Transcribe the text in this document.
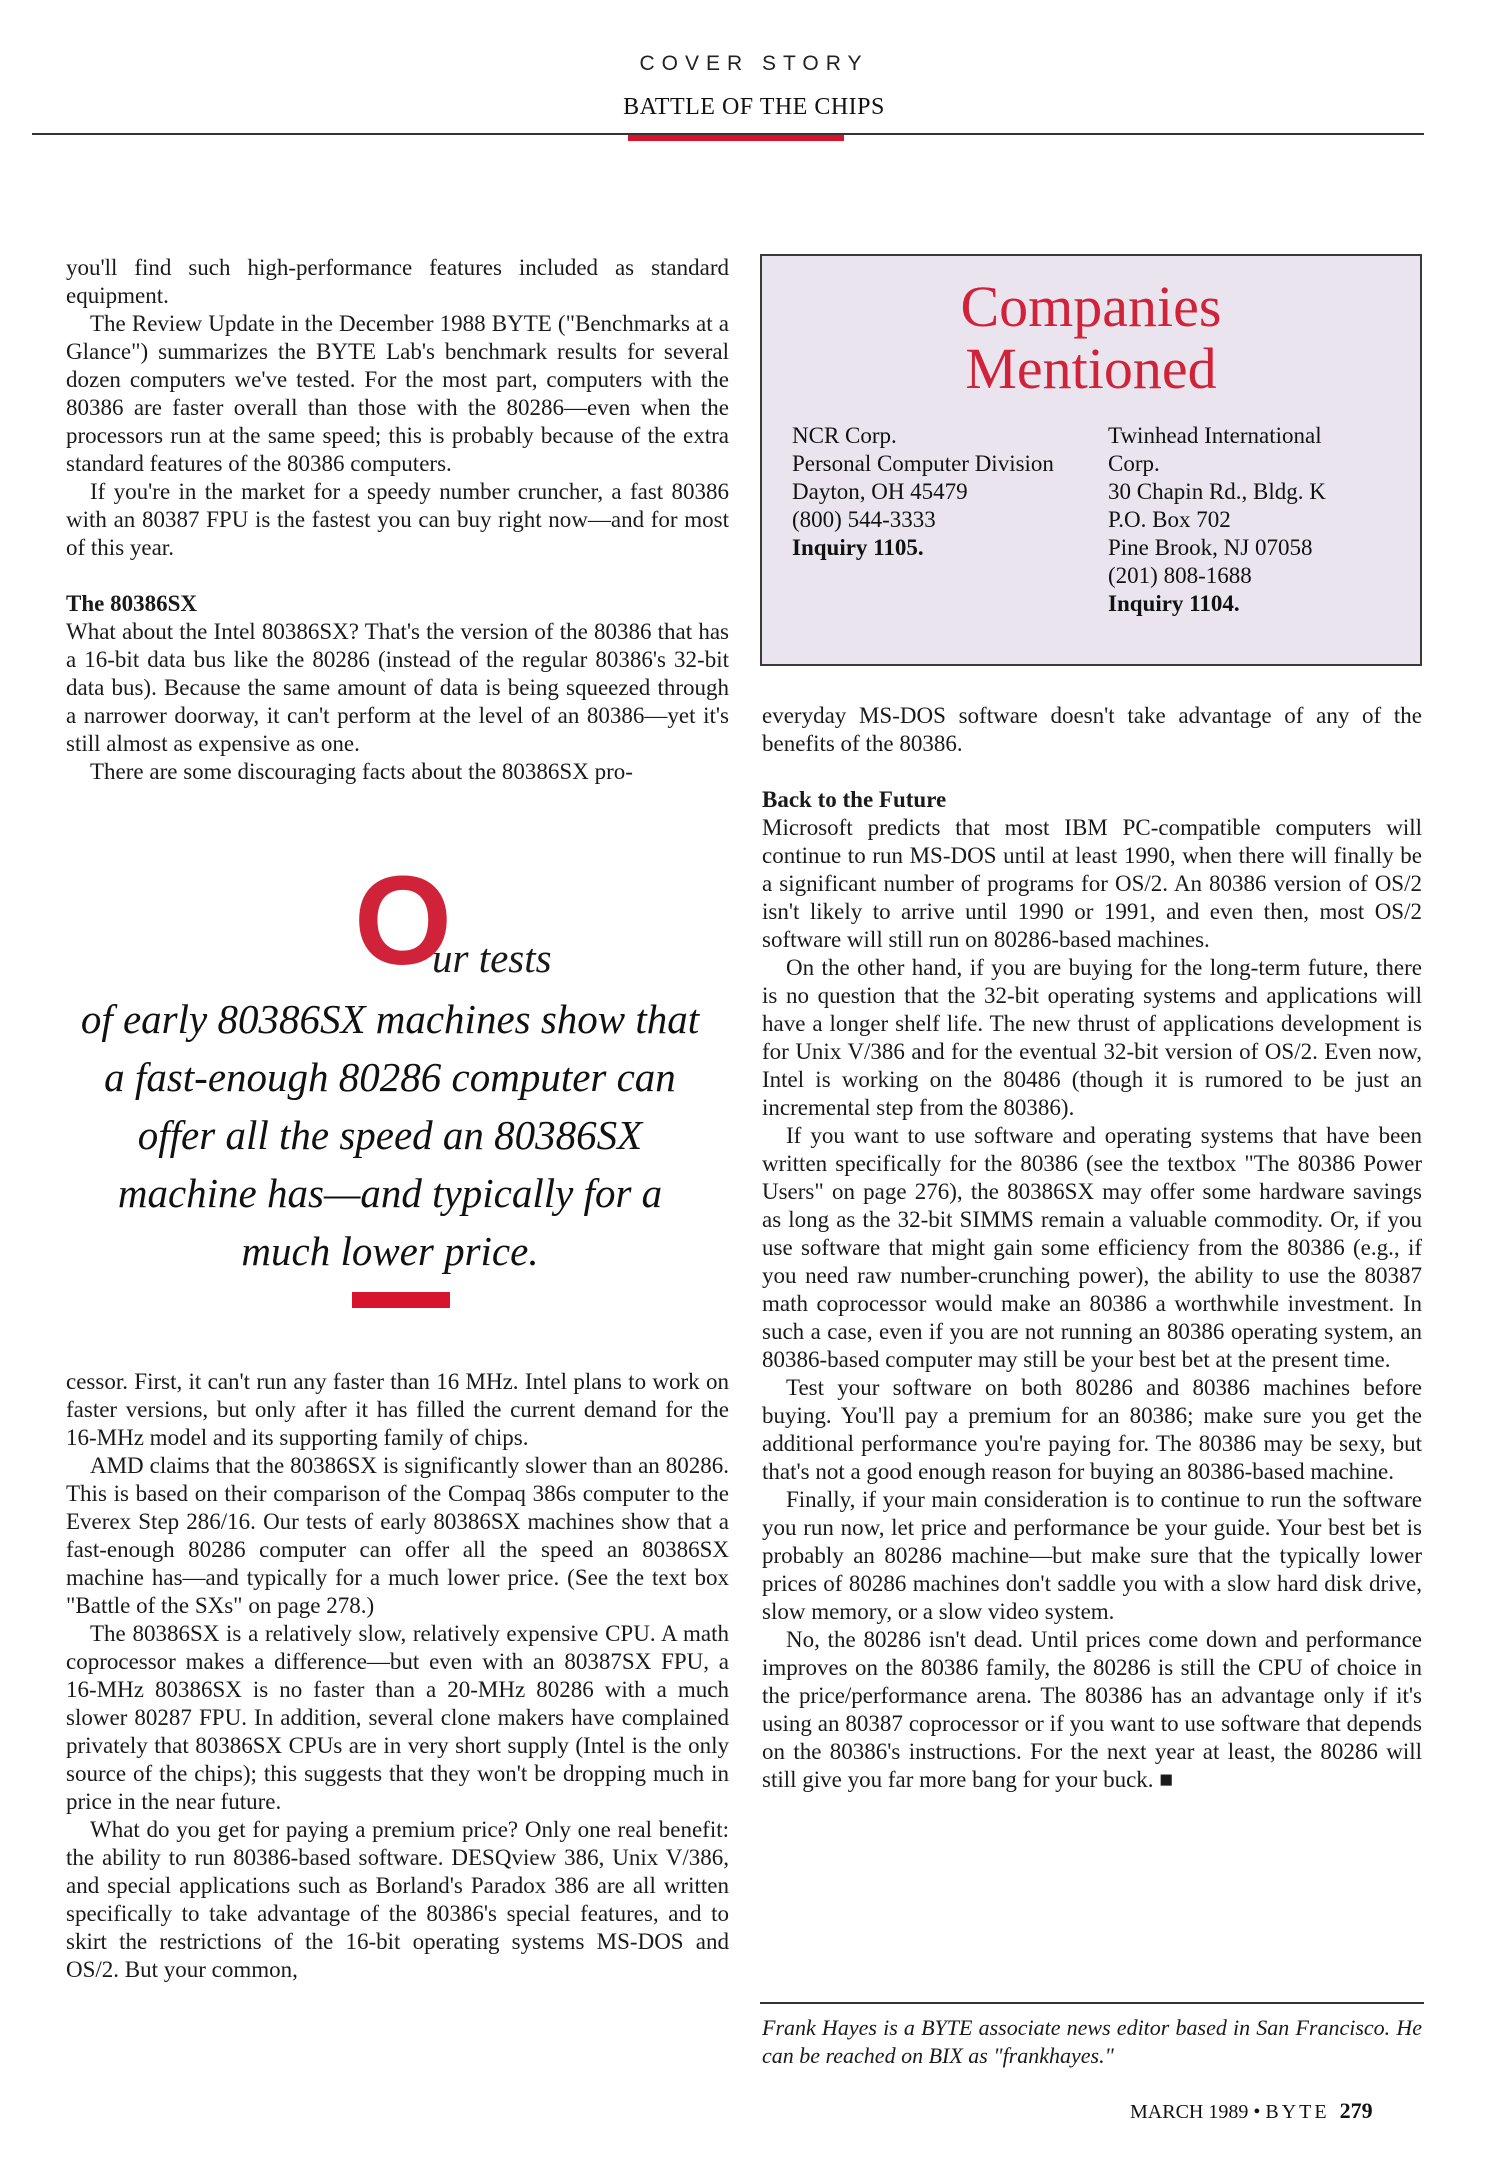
COVER STORY
BATTLE OF THE CHIPS

you'll find such high-performance features included as standard equipment.

The Review Update in the December 1988 BYTE ("Benchmarks at a Glance") summarizes the BYTE Lab's benchmark results for several dozen computers we've tested. For the most part, computers with the 80386 are faster overall than those with the 80286—even when the processors run at the same speed; this is probably because of the extra standard features of the 80386 computers.

If you're in the market for a speedy number cruncher, a fast 80386 with an 80387 FPU is the fastest you can buy right now—and for most of this year.

The 80386SX

What about the Intel 80386SX? That's the version of the 80386 that has a 16-bit data bus like the 80286 (instead of the regular 80386's 32-bit data bus). Because the same amount of data is being squeezed through a narrower doorway, it can't perform at the level of an 80386—yet it's still almost as expensive as one.

There are some discouraging facts about the 80386SX pro-

O
ur tests
of early 80386SX machines show that
a fast-enough 80286 computer can
offer all the speed an 80386SX
machine has—and typically for a
much lower price.

cessor. First, it can't run any faster than 16 MHz. Intel plans to work on faster versions, but only after it has filled the current demand for the 16-MHz model and its supporting family of chips.

AMD claims that the 80386SX is significantly slower than an 80286. This is based on their comparison of the Compaq 386s computer to the Everex Step 286/16. Our tests of early 80386SX machines show that a fast-enough 80286 computer can offer all the speed an 80386SX machine has—and typically for a much lower price. (See the text box "Battle of the SXs" on page 278.)

The 80386SX is a relatively slow, relatively expensive CPU. A math coprocessor makes a difference—but even with an 80387SX FPU, a 16-MHz 80386SX is no faster than a 20-MHz 80286 with a much slower 80287 FPU. In addition, several clone makers have complained privately that 80386SX CPUs are in very short supply (Intel is the only source of the chips); this suggests that they won't be dropping much in price in the near future.

What do you get for paying a premium price? Only one real benefit: the ability to run 80386-based software. DESQview 386, Unix V/386, and special applications such as Borland's Paradox 386 are all written specifically to take advantage of the 80386's special features, and to skirt the restrictions of the 16-bit operating systems MS-DOS and OS/2. But your common,

Companies
Mentioned
NCR Corp.
Personal Computer Division
Dayton, OH 45479
(800) 544-3333
Inquiry 1105.
Twinhead International
Corp.
30 Chapin Rd., Bldg. K
P.O. Box 702
Pine Brook, NJ 07058
(201) 808-1688
Inquiry 1104.

everyday MS-DOS software doesn't take advantage of any of the benefits of the 80386.

Back to the Future

Microsoft predicts that most IBM PC-compatible computers will continue to run MS-DOS until at least 1990, when there will finally be a significant number of programs for OS/2. An 80386 version of OS/2 isn't likely to arrive until 1990 or 1991, and even then, most OS/2 software will still run on 80286-based machines.

On the other hand, if you are buying for the long-term future, there is no question that the 32-bit operating systems and applications will have a longer shelf life. The new thrust of applications development is for Unix V/386 and for the eventual 32-bit version of OS/2. Even now, Intel is working on the 80486 (though it is rumored to be just an incremental step from the 80386).

If you want to use software and operating systems that have been written specifically for the 80386 (see the textbox "The 80386 Power Users" on page 276), the 80386SX may offer some hardware savings as long as the 32-bit SIMMS remain a valuable commodity. Or, if you use software that might gain some efficiency from the 80386 (e.g., if you need raw number-crunching power), the ability to use the 80387 math coprocessor would make an 80386 a worthwhile investment. In such a case, even if you are not running an 80386 operating system, an 80386-based computer may still be your best bet at the present time.

Test your software on both 80286 and 80386 machines before buying. You'll pay a premium for an 80386; make sure you get the additional performance you're paying for. The 80386 may be sexy, but that's not a good enough reason for buying an 80386-based machine.

Finally, if your main consideration is to continue to run the software you run now, let price and performance be your guide. Your best bet is probably an 80286 machine—but make sure that the typically lower prices of 80286 machines don't saddle you with a slow hard disk drive, slow memory, or a slow video system.

No, the 80286 isn't dead. Until prices come down and performance improves on the 80386 family, the 80286 is still the CPU of choice in the price/performance arena. The 80386 has an advantage only if it's using an 80387 coprocessor or if you want to use software that depends on the 80386's instructions. For the next year at least, the 80286 will still give you far more bang for your buck. ■

Frank Hayes is a BYTE associate news editor based in San Francisco. He can be reached on BIX as "frankhayes."
MARCH 1989 • BYTE 279
